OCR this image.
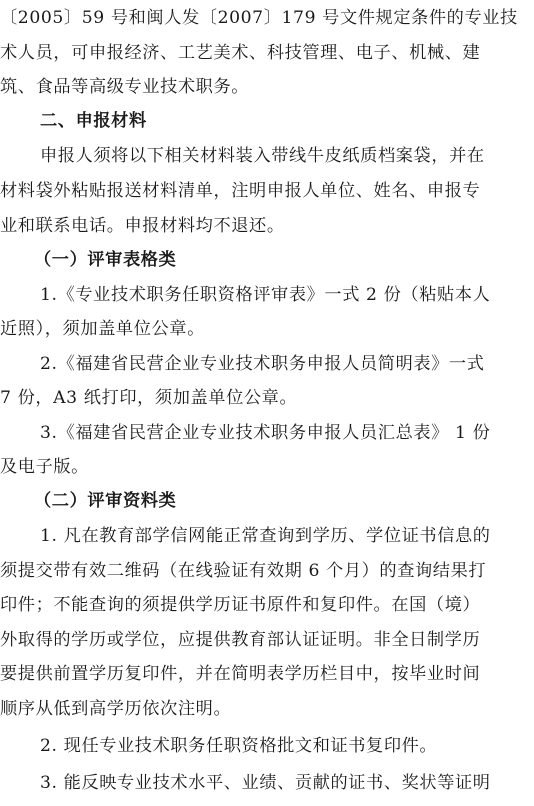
〔2005〕59 号和闽人发〔2007〕179 号文件规定条件的专业技
术人员，可申报经济、工艺美术、科技管理、电子、机械、建
筑、食品等高级专业技术职务。
二、申报材料
申报人须将以下相关材料装入带线牛皮纸质档案袋，并在
材料袋外粘贴报送材料清单，注明申报人单位、姓名、申报专
业和联系电话。申报材料均不退还。
（一）评审表格类
1.《专业技术职务任职资格评审表》一式 2 份（粘贴本人
近照），须加盖单位公章。
2.《福建省民营企业专业技术职务申报人员简明表》一式
7 份，A3 纸打印，须加盖单位公章。
3.《福建省民营企业专业技术职务申报人员汇总表》 1 份
及电子版。
（二）评审资料类
1. 凡在教育部学信网能正常查询到学历、学位证书信息的
须提交带有效二维码（在线验证有效期 6 个月）的查询结果打
印件；不能查询的须提供学历证书原件和复印件。在国（境）
外取得的学历或学位，应提供教育部认证证明。非全日制学历
要提供前置学历复印件，并在简明表学历栏目中，按毕业时间
顺序从低到高学历依次注明。
2. 现任专业技术职务任职资格批文和证书复印件。
3. 能反映专业技术水平、业绩、贡献的证书、奖状等证明
